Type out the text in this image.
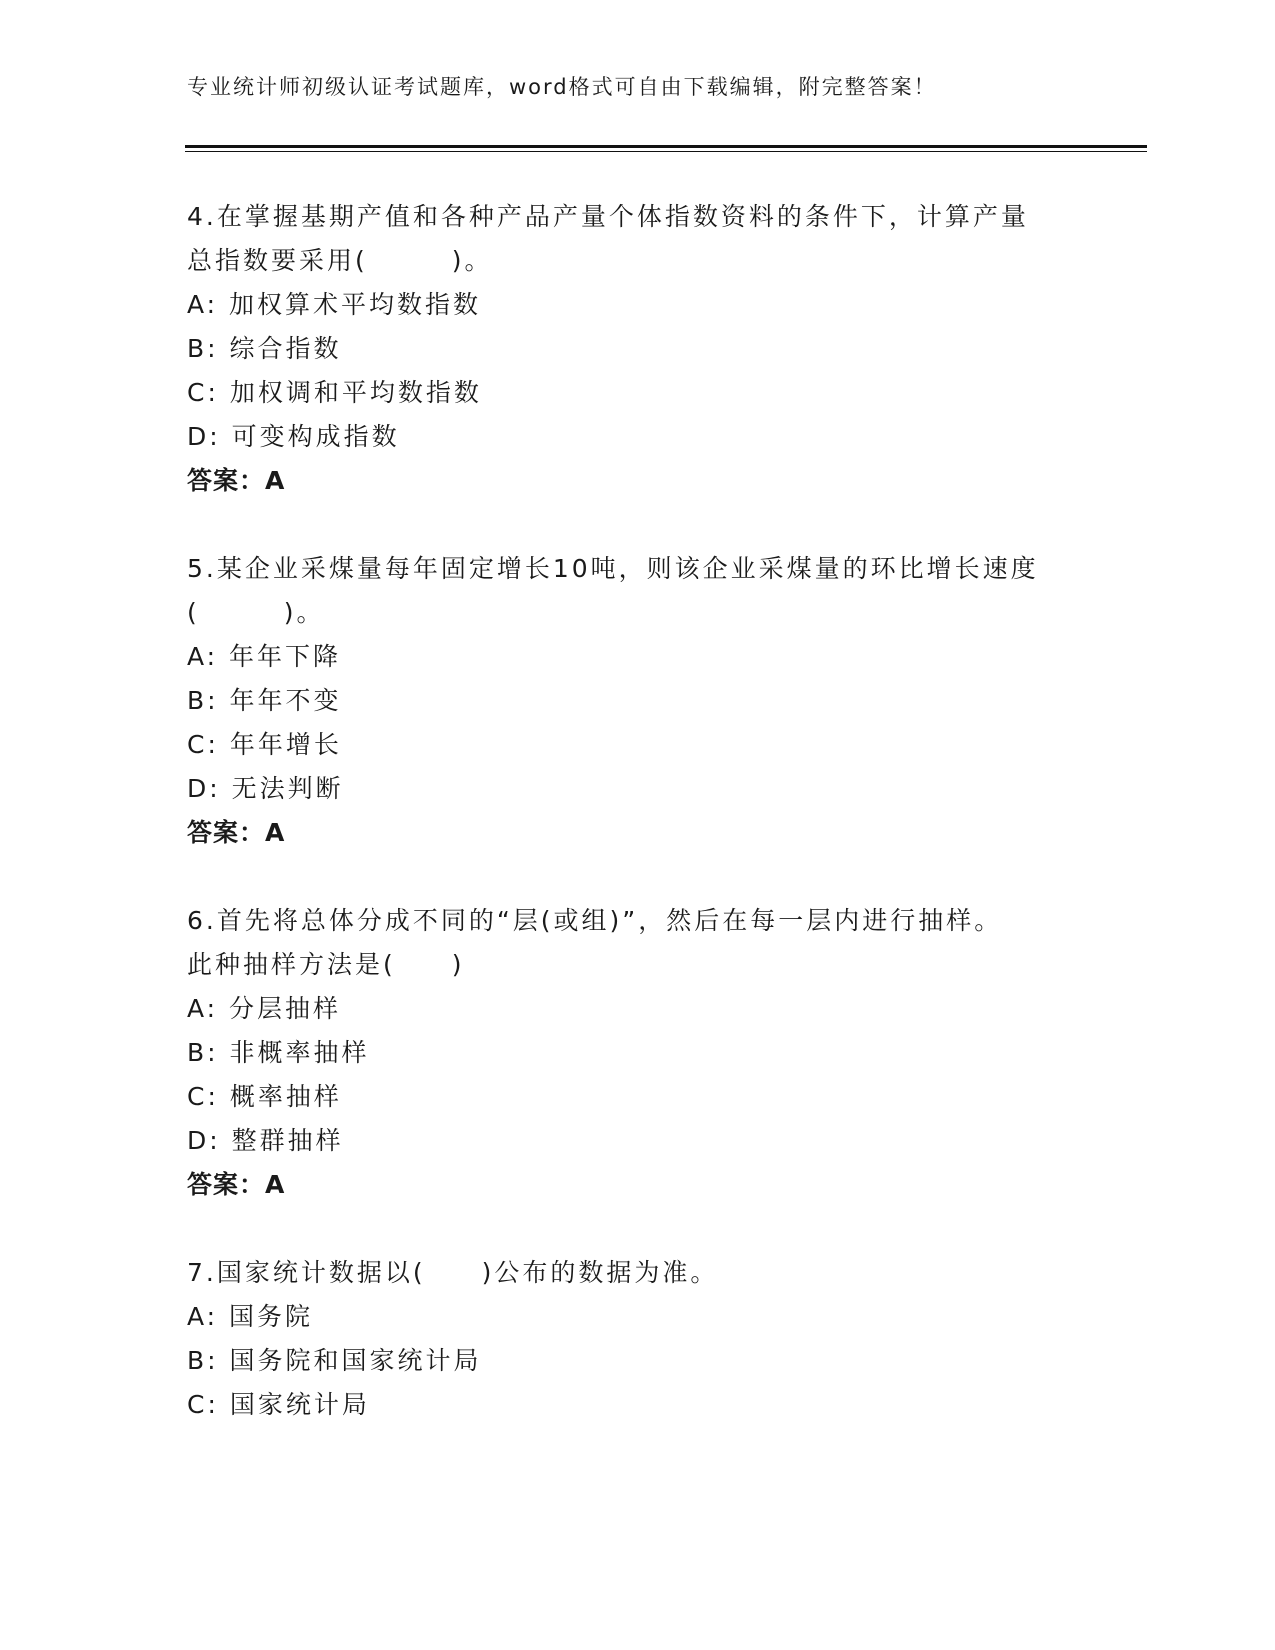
专业统计师初级认证考试题库，word格式可自由下载编辑，附完整答案！
4.在掌握基期产值和各种产品产量个体指数资料的条件下，计算产量
总指数要采用(　　　)。
A: 加权算术平均数指数
B: 综合指数
C: 加权调和平均数指数
D: 可变构成指数
答案：A
5.某企业采煤量每年固定增长10吨，则该企业采煤量的环比增长速度
(　　　)。
A: 年年下降
B: 年年不变
C: 年年增长
D: 无法判断
答案：A
6.首先将总体分成不同的“层(或组)”，然后在每一层内进行抽样。
此种抽样方法是(　　)
A: 分层抽样
B: 非概率抽样
C: 概率抽样
D: 整群抽样
答案：A
7.国家统计数据以(　　)公布的数据为准。
A: 国务院
B: 国务院和国家统计局
C: 国家统计局
